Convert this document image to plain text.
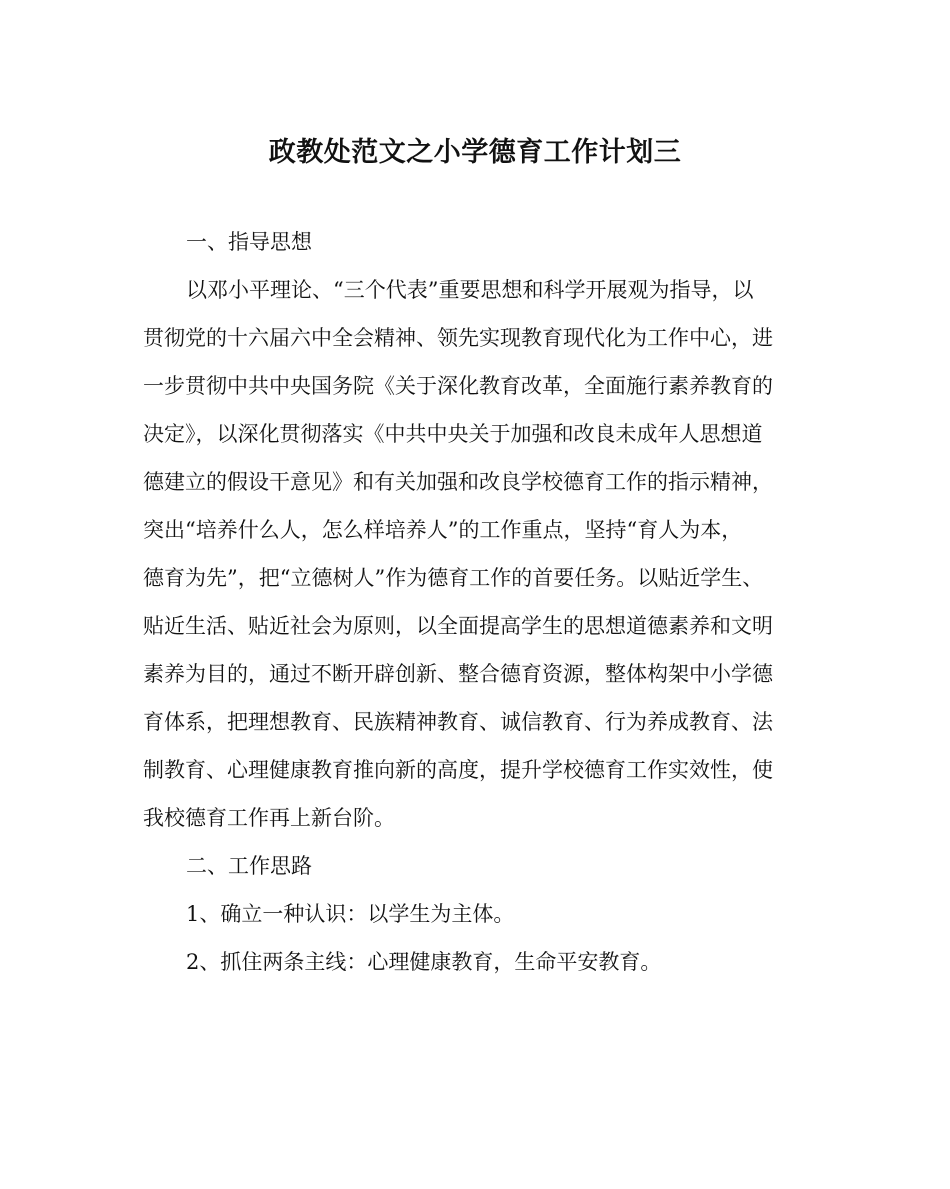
政教处范文之小学德育工作计划三
一、指导思想
以邓小平理论、“三个代表”重要思想和科学开展观为指导，以
贯彻党的十六届六中全会精神、领先实现教育现代化为工作中心，进
一步贯彻中共中央国务院《关于深化教育改革，全面施行素养教育的
决定》，以深化贯彻落实《中共中央关于加强和改良未成年人思想道
德建立的假设干意见》和有关加强和改良学校德育工作的指示精神，
突出“培养什么人，怎么样培养人”的工作重点，坚持“育人为本，
德育为先”，把“立德树人”作为德育工作的首要任务。以贴近学生、
贴近生活、贴近社会为原则，以全面提高学生的思想道德素养和文明
素养为目的，通过不断开辟创新、整合德育资源，整体构架中小学德
育体系，把理想教育、民族精神教育、诚信教育、行为养成教育、法
制教育、心理健康教育推向新的高度，提升学校德育工作实效性，使
我校德育工作再上新台阶。
二、工作思路
1、确立一种认识：以学生为主体。
2、抓住两条主线：心理健康教育，生命平安教育。
